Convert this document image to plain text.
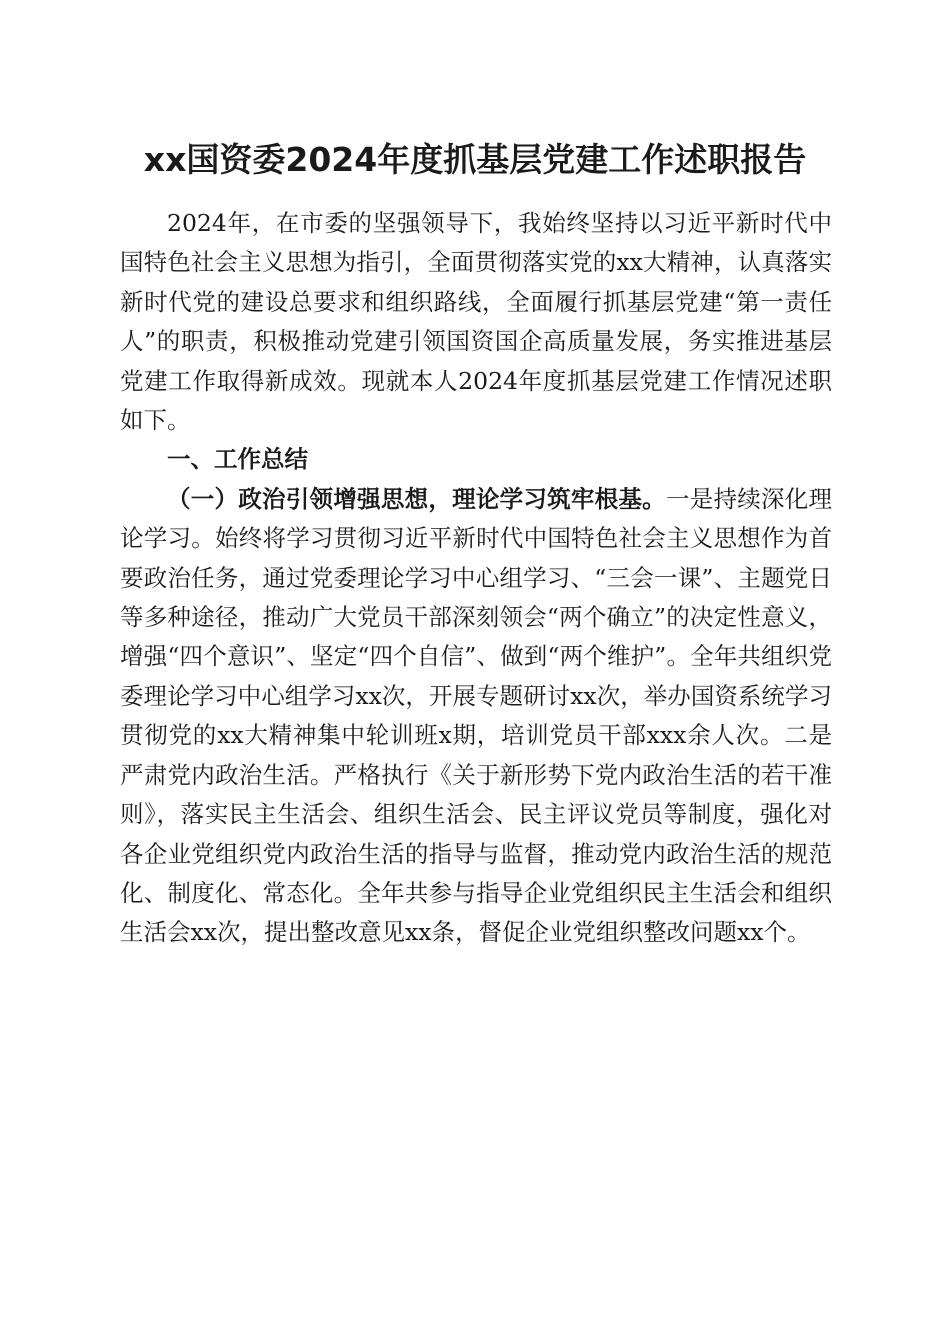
xx国资委2024年度抓基层党建工作述职报告

2024年，在市委的坚强领导下，我始终坚持以习近平新时代中国特色社会主义思想为指引，全面贯彻落实党的xx大精神，认真落实新时代党的建设总要求和组织路线，全面履行抓基层党建“第一责任人”的职责，积极推动党建引领国资国企高质量发展，务实推进基层党建工作取得新成效。现就本人2024年度抓基层党建工作情况述职如下。

一、工作总结

（一）政治引领增强思想，理论学习筑牢根基。一是持续深化理论学习。始终将学习贯彻习近平新时代中国特色社会主义思想作为首要政治任务，通过党委理论学习中心组学习、“三会一课”、主题党日等多种途径，推动广大党员干部深刻领会“两个确立”的决定性意义，增强“四个意识”、坚定“四个自信”、做到“两个维护”。全年共组织党委理论学习中心组学习xx次，开展专题研讨xx次，举办国资系统学习贯彻党的xx大精神集中轮训班x期，培训党员干部xxx余人次。二是严肃党内政治生活。严格执行《关于新形势下党内政治生活的若干准则》，落实民主生活会、组织生活会、民主评议党员等制度，强化对各企业党组织党内政治生活的指导与监督，推动党内政治生活的规范化、制度化、常态化。全年共参与指导企业党组织民主生活会和组织生活会xx次，提出整改意见xx条，督促企业党组织整改问题xx个。
